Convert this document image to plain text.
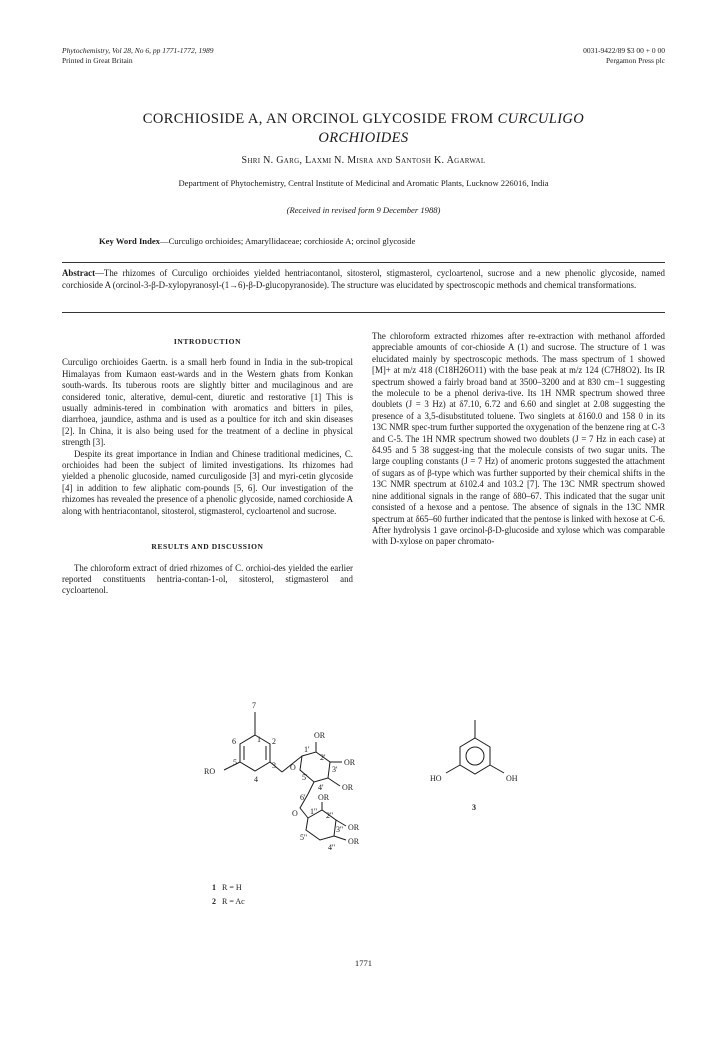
Phytochemistry, Vol 28, No 6, pp 1771-1772, 1989
Printed in Great Britain
0031-9422/89 $3 00 + 0 00
Pergamon Press plc
CORCHIOSIDE A, AN ORCINOL GLYCOSIDE FROM CURCULIGO
ORCHIOIDES
Shri N. Garg, Laxmi N. Misra and Santosh K. Agarwal
Department of Phytochemistry, Central Institute of Medicinal and Aromatic Plants, Lucknow 226016, India
(Received in revised form 9 December 1988)
Key Word Index—Curculigo orchioides; Amaryllidaceae; corchioside A; orcinol glycoside
Abstract—The rhizomes of Curculigo orchioides yielded hentriacontanol, sitosterol, stigmasterol, cycloartenol, sucrose and a new phenolic glycoside, named corchioside A (orcinol-3-β-D-xylopyranosyl-(1→6)-β-D-glucopyranoside). The structure was elucidated by spectroscopic methods and chemical transformations.
INTRODUCTION

Curculigo orchioides Gaertn. is a small herb found in India in the sub-tropical Himalayas from Kumaon east-wards and in the Western ghats from Konkan south-wards. Its tuberous roots are slightly bitter and mucilaginous and are considered tonic, alterative, demul-cent, diuretic and restorative [1] This is usually adminis-tered in combination with aromatics and bitters in piles, diarrhoea, jaundice, asthma and is used as a poultice for itch and skin diseases [2]. In China, it is also being used for the treatment of a decline in physical strength [3].

Despite its great importance in Indian and Chinese traditional medicines, C. orchioides had been the subject of limited investigations. Its rhizomes had yielded a phenolic glucoside, named curculigoside [3] and myri-cetin glycoside [4] in addition to few aliphatic com-pounds [5, 6]. Our investigation of the rhizomes has revealed the presence of a phenolic glycoside, named corchioside A along with hentriacontanol, sitosterol, stigmasterol, cycloartenol and sucrose.

RESULTS AND DISCUSSION

The chloroform extract of dried rhizomes of C. orchioi-des yielded the earlier reported constituents hentria-contan-1-ol, sitosterol, stigmasterol and cycloartenol.

The chloroform extracted rhizomes after re-extraction with methanol afforded appreciable amounts of cor-chioside A (1) and sucrose. The structure of 1 was elucidated mainly by spectroscopic methods. The mass spectrum of 1 showed [M]+ at m/z 418 (C18H26O11) with the base peak at m/z 124 (C7H8O2). Its IR spectrum showed a fairly broad band at 3500–3200 and at 830 cm−1 suggesting the molecule to be a phenol deriva-tive. Its 1H NMR spectrum showed three doublets (J = 3 Hz) at δ7.10, 6.72 and 6.60 and singlet at 2.08 suggesting the presence of a 3,5-disubstituted toluene. Two singlets at δ160.0 and 158 0 in its 13C NMR spec-trum further supported the oxygenation of the benzene ring at C-3 and C-5. The 1H NMR spectrum showed two doublets (J = 7 Hz in each case) at δ4.95 and 5 38 suggest-ing that the molecule consists of two sugar units. The large coupling constants (J = 7 Hz) of anomeric protons suggested the attachment of sugars as of β-type which was further supported by their chemical shifts in the 13C NMR spectrum at δ102.4 and 103.2 [7]. The 13C NMR spectrum showed nine additional signals in the range of δ80–67. This indicated that the sugar unit consisted of a hexose and a pentose. The absence of signals in the 13C NMR spectrum at δ65–60 further indicated that the pentose is linked with hexose at C-6. After hydrolysis 1 gave orcinol-β-D-glucoside and xylose which was comparable with D-xylose on paper chromato-

7
1 2
3
4
5
6
RO
OR
1'
2'
3'
4'
5'
6'
O
OR
OR
OR
O 1'' 2''
3''
4''
5''
OR
OR
HO	OH
3
1 R = H
2 R = Ac
1771
